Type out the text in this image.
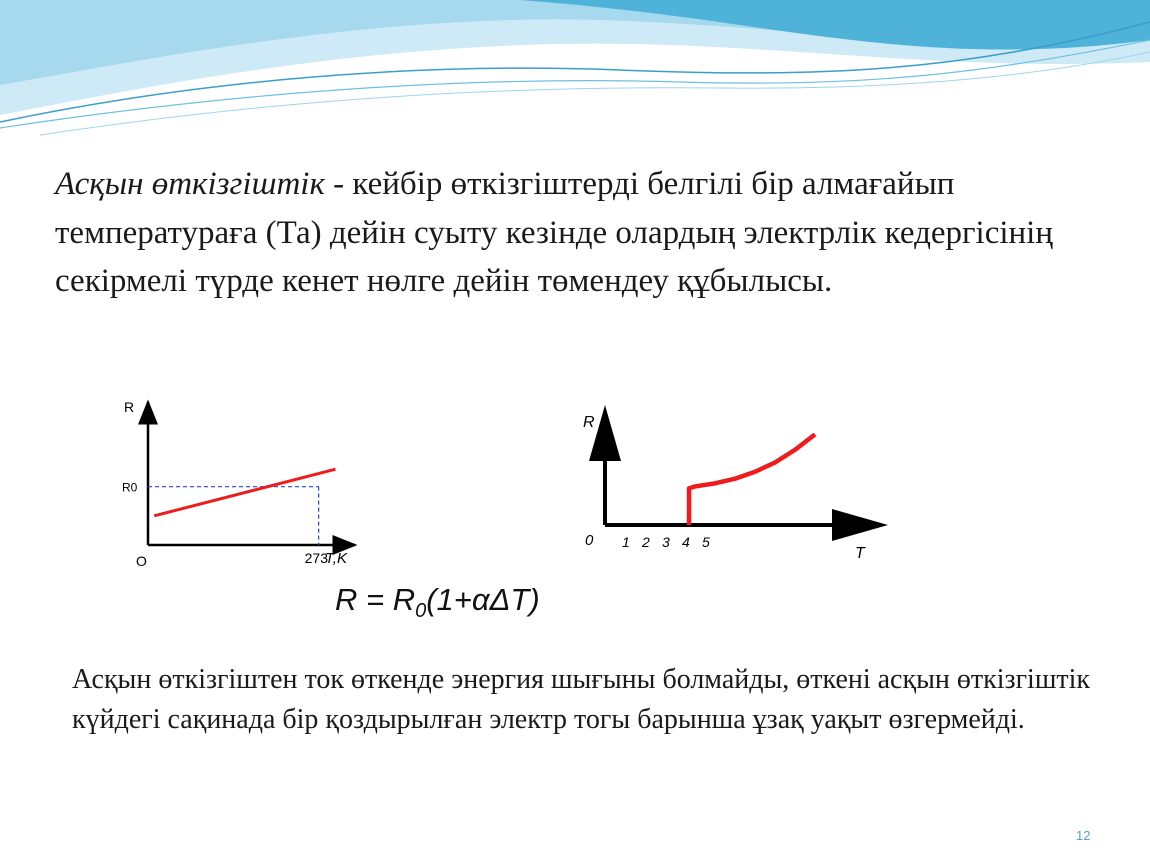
Асқын өткізгіштік - кейбір өткізгіштерді белгілі бір алмағайып температураға (Та) дейін суыту кезінде олардың электрлік кедергісінің секірмелі түрде кенет нөлге дейін төмендеу құбылысы.
R
T,K
O
R0
273
R
T
0 1 2 3 4 5
$R = R_0(1+\alpha\Delta T)$
Асқын өткізгіштен ток өткенде энергия шығыны болмайды, өткені асқын өткізгіштік күйдегі сақинада бір қоздырылған электр тогы барынша ұзақ уақыт өзгермейді.
12
